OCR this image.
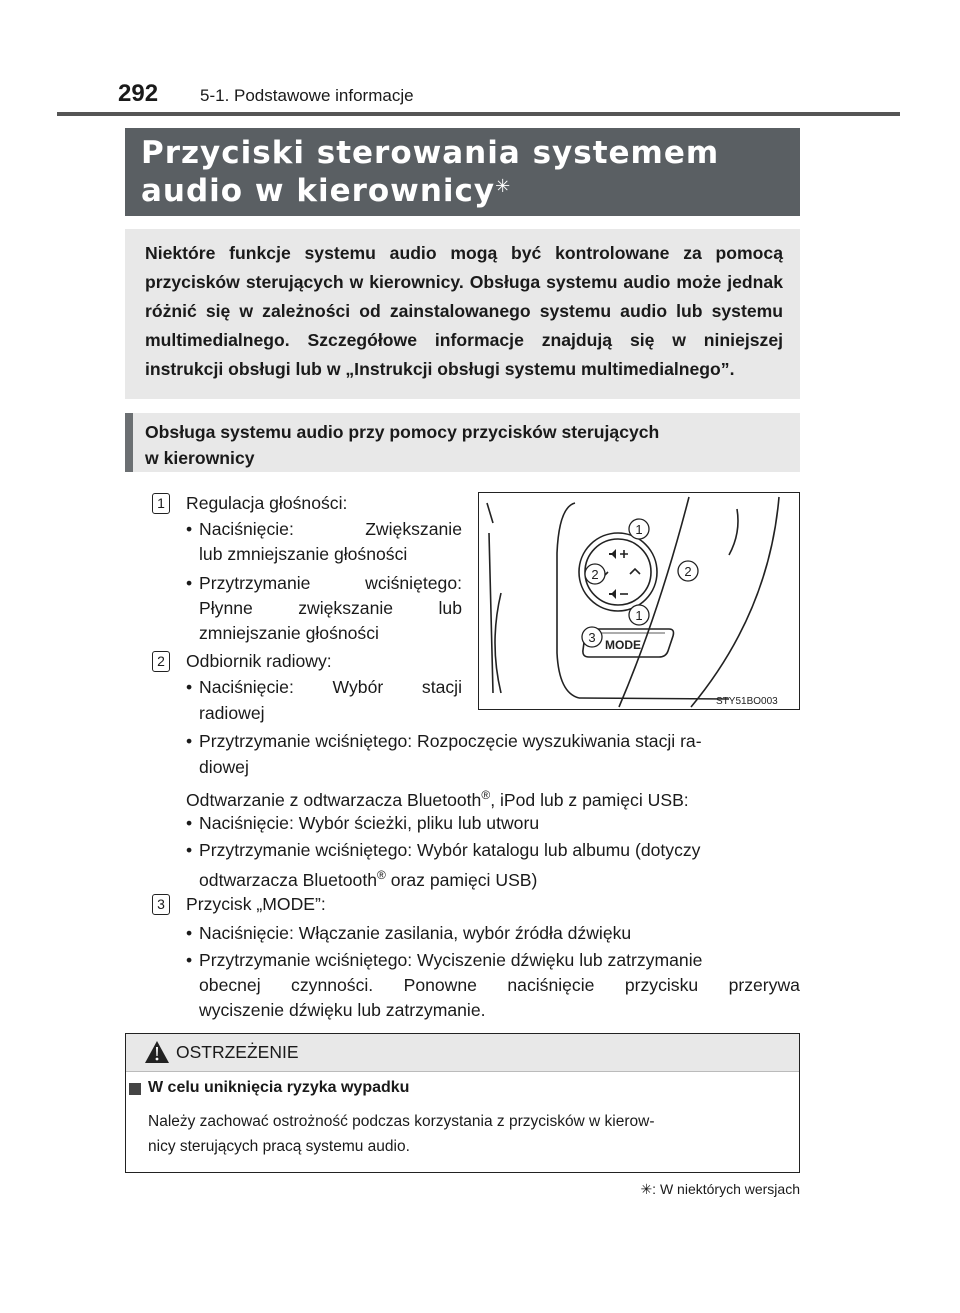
292 5-1. Podstawowe informacje
Przyciski sterowania systemem
audio w kierownicy✳

Niektóre funkcje systemu audio mogą być kontrolowane za pomocą przycisków sterujących w kierownicy. Obsługa systemu audio może jednak różnić się w zależności od zainstalowanego systemu audio lub systemu multimedialnego. Szczegółowe informacje znajdują się w niniejszej instrukcji obsługi lub w „Instrukcji obsługi systemu multimedialnego”.

Obsługa systemu audio przy pomocy przycisków sterujących
w kierownicy

1 Regulacja głośności:
• Naciśnięcie:	Zwiększanie
lub zmniejszanie głośności
• Przytrzymanie	wciśniętego:
Płynne	zwiększanie	lub
zmniejszanie głośności
2 Odbiornik radiowy:
• Naciśnięcie: Wybór stacji
radiowej
• Przytrzymanie wciśniętego: Rozpoczęcie wyszukiwania stacji ra-
diowej
Odtwarzanie z odtwarzacza Bluetooth®, iPod lub z pamięci USB:
• Naciśnięcie: Wybór ścieżki, pliku lub utworu
• Przytrzymanie wciśniętego: Wybór katalogu lub albumu (dotyczy
odtwarzacza Bluetooth® oraz pamięci USB)
3 Przycisk „MODE”:
• Naciśnięcie: Włączanie zasilania, wybór źródła dźwięku
• Przytrzymanie wciśniętego: Wyciszenie dźwięku lub zatrzymanie
obecnej czynności. Ponowne naciśnięcie przycisku przerywa
wyciszenie dźwięku lub zatrzymanie.
MODE
1
2	2
1
3
STY51BO003
OSTRZEŻENIE
W celu uniknięcia ryzyka wypadku
Należy zachować ostrożność podczas korzystania z przycisków w kierow-
nicy sterujących pracą systemu audio.
✳: W niektórych wersjach
